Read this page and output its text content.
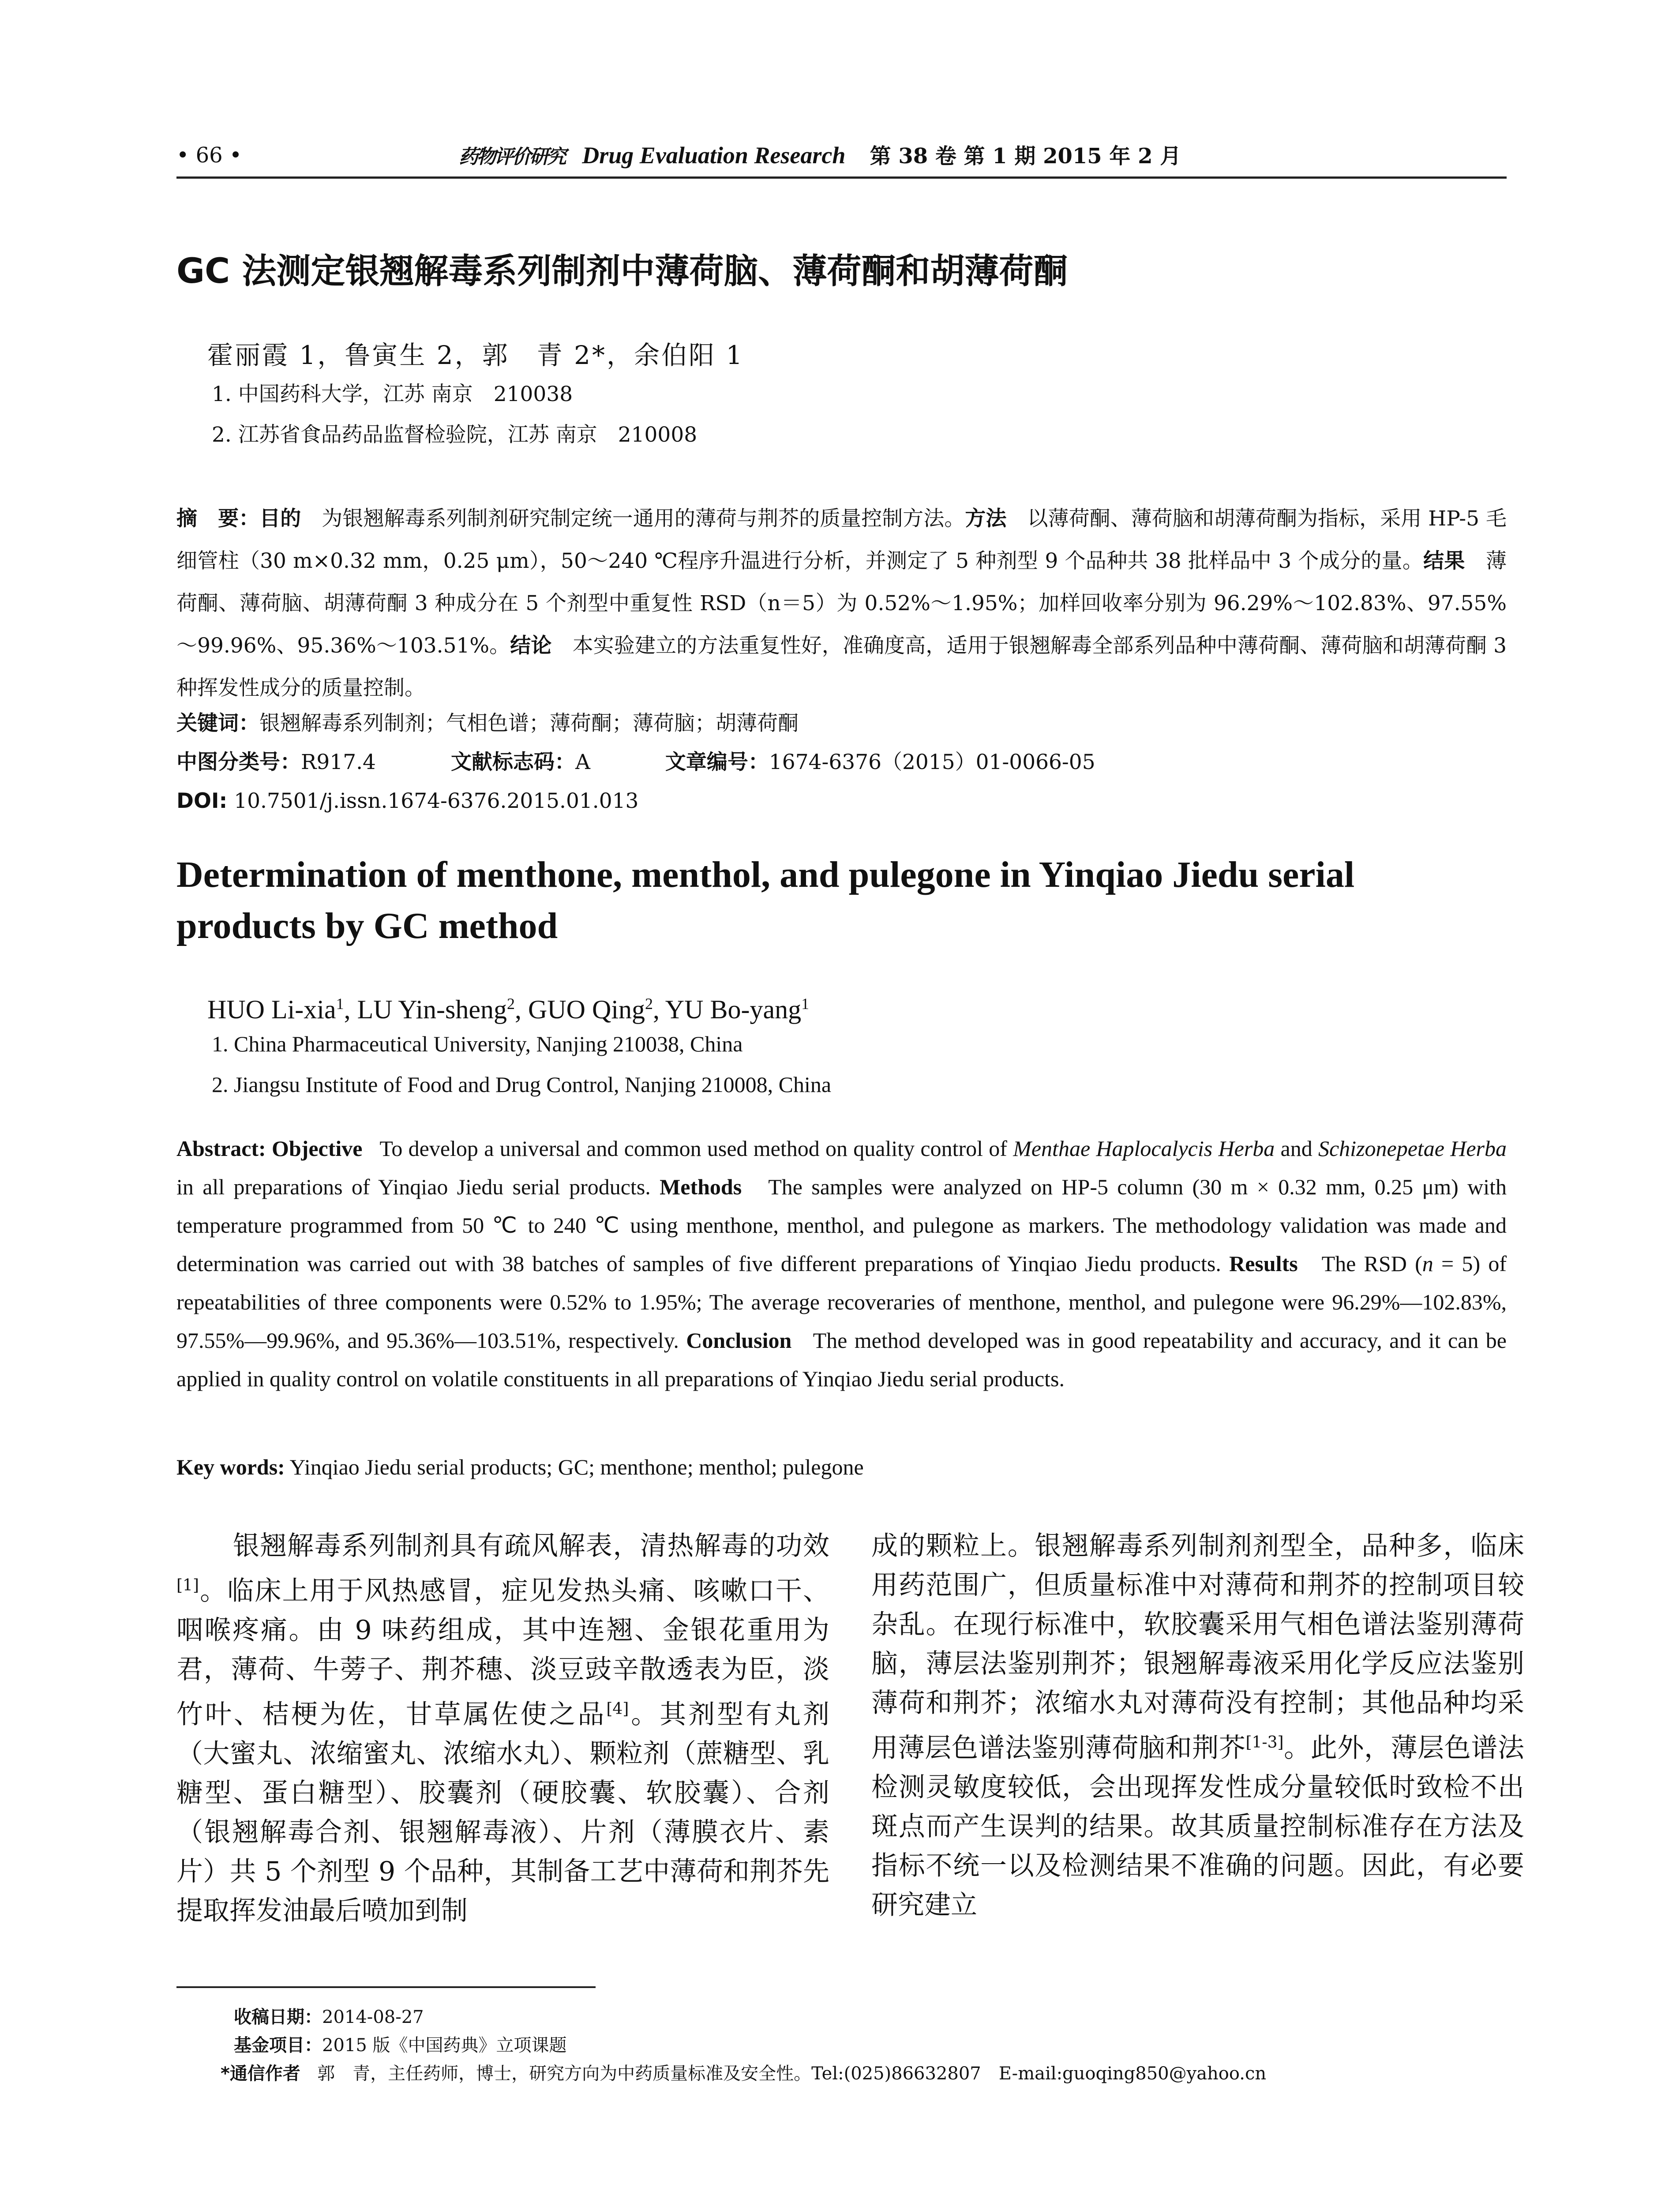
• 66 •	药物评价研究 Drug Evaluation Research 第 38 卷 第 1 期 2015 年 2 月
GC 法测定银翘解毒系列制剂中薄荷脑、薄荷酮和胡薄荷酮
霍丽霞 1，鲁寅生 2，郭　青 2*，余伯阳 1
1. 中国药科大学，江苏 南京　210038
2. 江苏省食品药品监督检验院，江苏 南京　210008
摘　要：目的　 为银翘解毒系列制剂研究制定统一通用的薄荷与荆芥的质量控制方法。方法　 以薄荷酮、薄荷脑和胡薄荷酮为指标，采用 HP-5 毛细管柱（30 m×0.32 mm，0.25 μm），50～240 ℃程序升温进行分析，并测定了 5 种剂型 9 个品种共 38 批样品中 3 个成分的量。结果　 薄荷酮、薄荷脑、胡薄荷酮 3 种成分在 5 个剂型中重复性 RSD（n＝5）为 0.52%～1.95%；加样回收率分别为 96.29%～102.83%、97.55%～99.96%、95.36%～103.51%。结论　 本实验建立的方法重复性好，准确度高，适用于银翘解毒全部系列品种中薄荷酮、薄荷脑和胡薄荷酮 3 种挥发性成分的质量控制。
关键词：银翘解毒系列制剂；气相色谱；薄荷酮；薄荷脑；胡薄荷酮
中图分类号：R917.4	文献标志码：A	文章编号：1674-6376（2015）01-0066-05
DOI: 10.7501/j.issn.1674-6376.2015.01.013
Determination of menthone, menthol, and pulegone in Yinqiao Jiedu serial products by GC method
HUO Li-xia$^1$, LU Yin-sheng$^2$, GUO Qing$^2$, YU Bo-yang$^1$
1. China Pharmaceutical University, Nanjing 210038, China
2. Jiangsu Institute of Food and Drug Control, Nanjing 210008, China
Abstract: Objective To develop a universal and common used method on quality control of Menthae Haplocalycis Herba and Schizonepetae Herba in all preparations of Yinqiao Jiedu serial products. Methods The samples were analyzed on HP-5 column (30 m × 0.32 mm, 0.25 μm) with temperature programmed from 50 ℃ to 240 ℃ using menthone, menthol, and pulegone as markers. The methodology validation was made and determination was carried out with 38 batches of samples of five different preparations of Yinqiao Jiedu products. Results The RSD (n = 5) of repeatabilities of three components were 0.52% to 1.95%; The average recoveraries of menthone, menthol, and pulegone were 96.29%—102.83%, 97.55%—99.96%, and 95.36%—103.51%, respectively. Conclusion The method developed was in good repeatability and accuracy, and it can be applied in quality control on volatile constituents in all preparations of Yinqiao Jiedu serial products.
Key words: Yinqiao Jiedu serial products; GC; menthone; menthol; pulegone
银翘解毒系列制剂具有疏风解表，清热解毒的功效[1]。临床上用于风热感冒，症见发热头痛、咳嗽口干、咽喉疼痛。由 9 味药组成，其中连翘、金银花重用为君，薄荷、牛蒡子、荆芥穗、淡豆豉辛散透表为臣，淡竹叶、桔梗为佐，甘草属佐使之品[4]。其剂型有丸剂（大蜜丸、浓缩蜜丸、浓缩水丸）、颗粒剂（蔗糖型、乳糖型、蛋白糖型）、胶囊剂（硬胶囊、软胶囊）、合剂（银翘解毒合剂、银翘解毒液）、片剂（薄膜衣片、素片）共 5 个剂型 9 个品种，其制备工艺中薄荷和荆芥先提取挥发油最后喷加到制
成的颗粒上。银翘解毒系列制剂剂型全，品种多，临床用药范围广，但质量标准中对薄荷和荆芥的控制项目较杂乱。在现行标准中，软胶囊采用气相色谱法鉴别薄荷脑，薄层法鉴别荆芥；银翘解毒液采用化学反应法鉴别薄荷和荆芥；浓缩水丸对薄荷没有控制；其他品种均采用薄层色谱法鉴别薄荷脑和荆芥[1-3]。此外，薄层色谱法检测灵敏度较低，会出现挥发性成分量较低时致检不出斑点而产生误判的结果。故其质量控制标准存在方法及指标不统一以及检测结果不准确的问题。因此，有必要研究建立
收稿日期：2014-08-27
基金项目：2015 版《中国药典》立项课题
*通信作者 郭　青，主任药师，博士，研究方向为中药质量标准及安全性。Tel:(025)86632807　E-mail:guoqing850@yahoo.cn
